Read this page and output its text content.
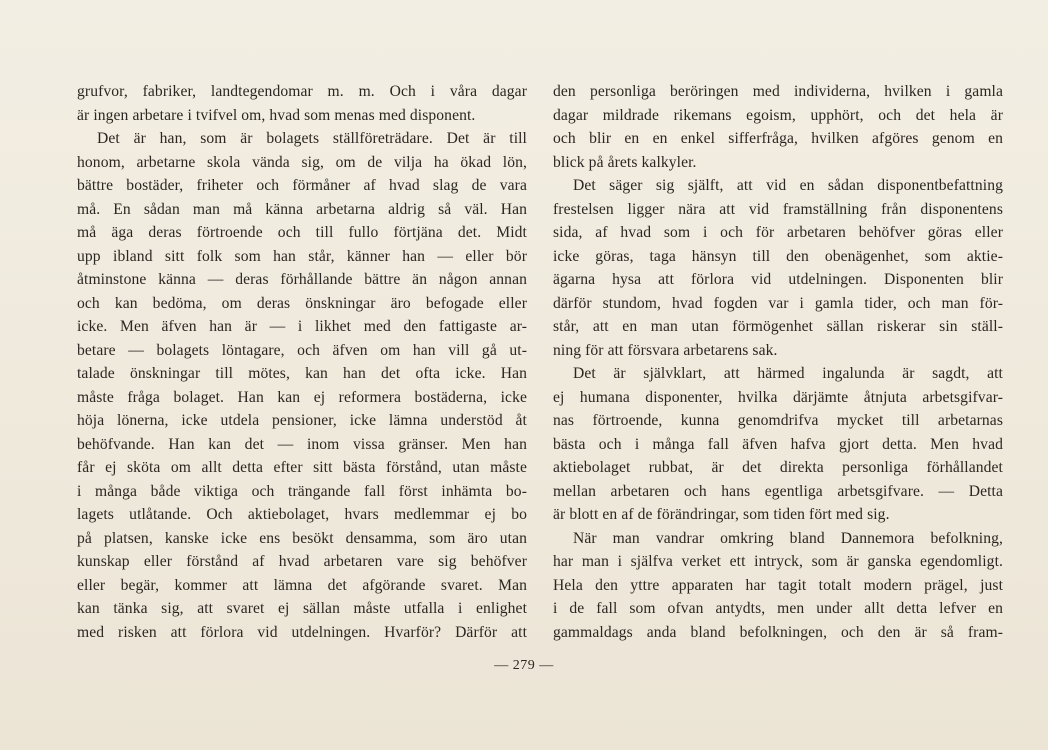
grufvor, fabriker, landtegendomar m. m. Och i våra dagar
är ingen arbetare i tvifvel om, hvad som menas med disponent.
Det är han, som är bolagets ställföreträdare. Det är till
honom, arbetarne skola vända sig, om de vilja ha ökad lön,
bättre bostäder, friheter och förmåner af hvad slag de vara
må. En sådan man må känna arbetarna aldrig så väl. Han
må äga deras förtroende och till fullo förtjäna det. Midt
upp ibland sitt folk som han står, känner han — eller bör
åtminstone känna — deras förhållande bättre än någon annan
och kan bedöma, om deras önskningar äro befogade eller
icke. Men äfven han är — i likhet med den fattigaste ar-
betare — bolagets löntagare, och äfven om han vill gå ut-
talade önskningar till mötes, kan han det ofta icke. Han
måste fråga bolaget. Han kan ej reformera bostäderna, icke
höja lönerna, icke utdela pensioner, icke lämna understöd åt
behöfvande. Han kan det — inom vissa gränser. Men han
får ej sköta om allt detta efter sitt bästa förstånd, utan måste
i många både viktiga och trängande fall först inhämta bo-
lagets utlåtande. Och aktiebolaget, hvars medlemmar ej bo
på platsen, kanske icke ens besökt densamma, som äro utan
kunskap eller förstånd af hvad arbetaren vare sig behöfver
eller begär, kommer att lämna det afgörande svaret. Man
kan tänka sig, att svaret ej sällan måste utfalla i enlighet
med risken att förlora vid utdelningen. Hvarför? Därför att
den personliga beröringen med individerna, hvilken i gamla
dagar mildrade rikemans egoism, upphört, och det hela är
och blir en en enkel sifferfråga, hvilken afgöres genom en
blick på årets kalkyler.
Det säger sig själft, att vid en sådan disponentbefattning
frestelsen ligger nära att vid framställning från disponentens
sida, af hvad som i och för arbetaren behöfver göras eller
icke göras, taga hänsyn till den obenägenhet, som aktie-
ägarna hysa att förlora vid utdelningen. Disponenten blir
därför stundom, hvad fogden var i gamla tider, och man för-
står, att en man utan förmögenhet sällan riskerar sin ställ-
ning för att försvara arbetarens sak.
Det är självklart, att härmed ingalunda är sagdt, att
ej humana disponenter, hvilka därjämte åtnjuta arbetsgifvar-
nas förtroende, kunna genomdrifva mycket till arbetarnas
bästa och i många fall äfven hafva gjort detta. Men hvad
aktiebolaget rubbat, är det direkta personliga förhållandet
mellan arbetaren och hans egentliga arbetsgifvare. — Detta
är blott en af de förändringar, som tiden fört med sig.
När man vandrar omkring bland Dannemora befolkning,
har man i själfva verket ett intryck, som är ganska egendomligt.
Hela den yttre apparaten har tagit totalt modern prägel, just
i de fall som ofvan antydts, men under allt detta lefver en
gammaldags anda bland befolkningen, och den är så fram-
— 279 —
